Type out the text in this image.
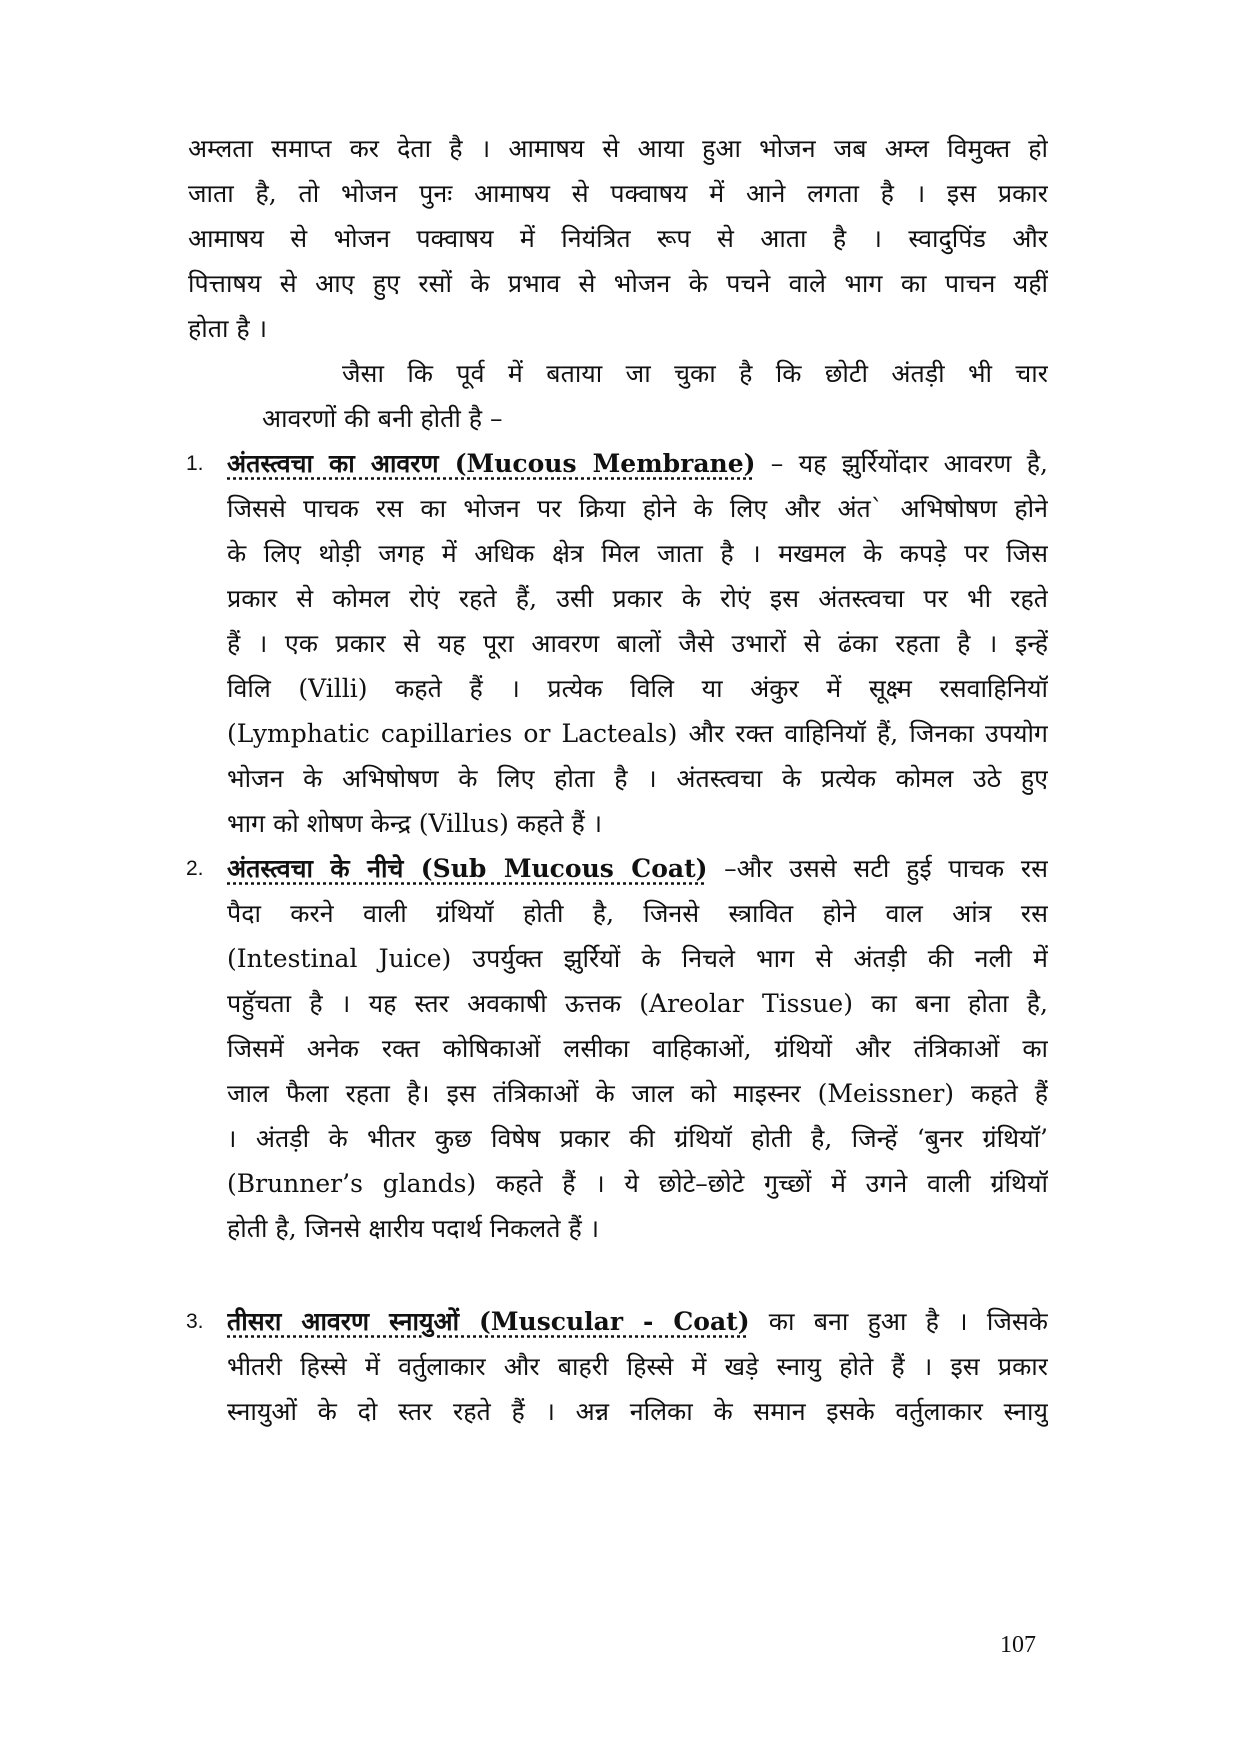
अम्लता समाप्त कर देता है । आमाषय से आया हुआ भोजन जब अम्ल विमुक्त हो
जाता है, तो भोजन पुनः आमाषय से पक्वाषय में आने लगता है । इस प्रकार
आमाषय से भोजन पक्वाषय में नियंत्रित रूप से आता है । स्वादुपिंड और
पित्ताषय से आए हुए रसों के प्रभाव से भोजन के पचने वाले भाग का पाचन यहीं
होता है ।
जैसा कि पूर्व में बताया जा चुका है कि छोटी अंतड़ी भी चार
आवरणों की बनी होती है –
1. अंतस्त्वचा का आवरण (Mucous Membrane) – यह झुर्रियोंदार आवरण है,
जिससे पाचक रस का भोजन पर क्रिया होने के लिए और अंत` अभिषोषण होने
के लिए थोड़ी जगह में अधिक क्षेत्र मिल जाता है । मखमल के कपड़े पर जिस
प्रकार से कोमल रोएं रहते हैं, उसी प्रकार के रोएं इस अंतस्त्वचा पर भी रहते
हैं । एक प्रकार से यह पूरा आवरण बालों जैसे उभारों से ढंका रहता है । इन्हें
विलि (Villi) कहते हैं । प्रत्येक विलि या अंकुर में सूक्ष्म रसवाहिनियॉ
(Lymphatic capillaries or Lacteals) और रक्त वाहिनियॉ हैं, जिनका उपयोग
भोजन के अभिषोषण के लिए होता है । अंतस्त्वचा के प्रत्येक कोमल उठे हुए
भाग को शोषण केन्द्र (Villus) कहते हैं ।
2. अंतस्त्वचा के नीचे (Sub Mucous Coat) –और उससे सटी हुई पाचक रस
पैदा करने वाली ग्रंथियॉ होती है, जिनसे स्त्रावित होने वाल आंत्र रस
(Intestinal Juice) उपर्युक्त झुर्रियों के निचले भाग से अंतड़ी की नली में
पहुॅचता है । यह स्तर अवकाषी ऊत्तक (Areolar Tissue) का बना होता है,
जिसमें अनेक रक्त कोषिकाओं लसीका वाहिकाओं, ग्रंथियों और तंत्रिकाओं का
जाल फैला रहता है। इस तंत्रिकाओं के जाल को माइस्नर (Meissner) कहते हैं
। अंतड़ी के भीतर कुछ विषेष प्रकार की ग्रंथियॉ होती है, जिन्हें ‘बुनर ग्रंथियॉ’
(Brunner’s glands) कहते हैं । ये छोटे–छोटे गुच्छों में उगने वाली ग्रंथियॉ
होती है, जिनसे क्षारीय पदार्थ निकलते हैं ।
3. तीसरा आवरण स्नायुओं (Muscular - Coat) का बना हुआ है । जिसके
भीतरी हिस्से में वर्तुलाकार और बाहरी हिस्से में खड़े स्नायु होते हैं । इस प्रकार
स्नायुओं के दो स्तर रहते हैं । अन्न नलिका के समान इसके वर्तुलाकार स्नायु
107
